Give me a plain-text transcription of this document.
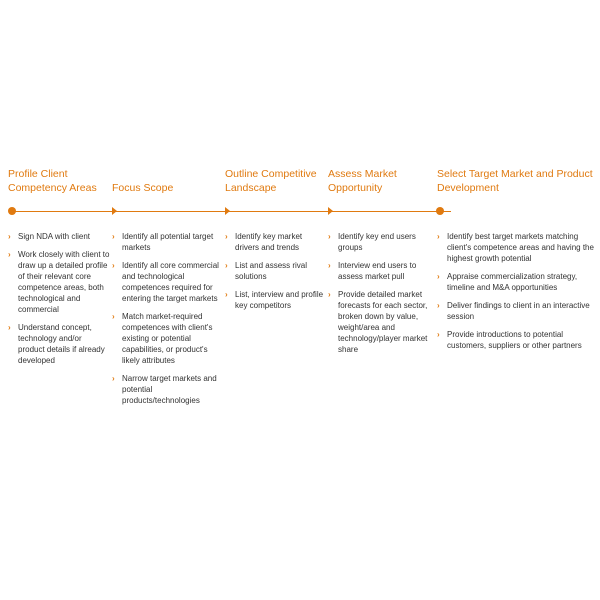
Profile Client Competency Areas
› Sign NDA with client
› Work closely with client to draw up a detailed profile of their relevant core competence areas, both technological and commercial
› Understand concept, technology and/or product details if already developed
Focus Scope
› Identify all potential target markets
› Identify all core commercial and technological competences required for entering the target markets
› Match market-required competences with client's existing or potential capabilities, or product's likely attributes
› Narrow target markets and potential products/technologies
Outline Competitive Landscape
› Identify key market drivers and trends
› List and assess rival solutions
› List, interview and profile key competitors
Assess Market Opportunity
› Identify key end users groups
› Interview end users to assess market pull
› Provide detailed market forecasts for each sector, broken down by value, weight/area and technology/player market share
Select Target Market and Product Development
› Identify best target markets matching client's competence areas and having the highest growth potential
› Appraise commercialization strategy, timeline and M&A opportunities
› Deliver findings to client in an interactive session
› Provide introductions to potential customers, suppliers or other partners
